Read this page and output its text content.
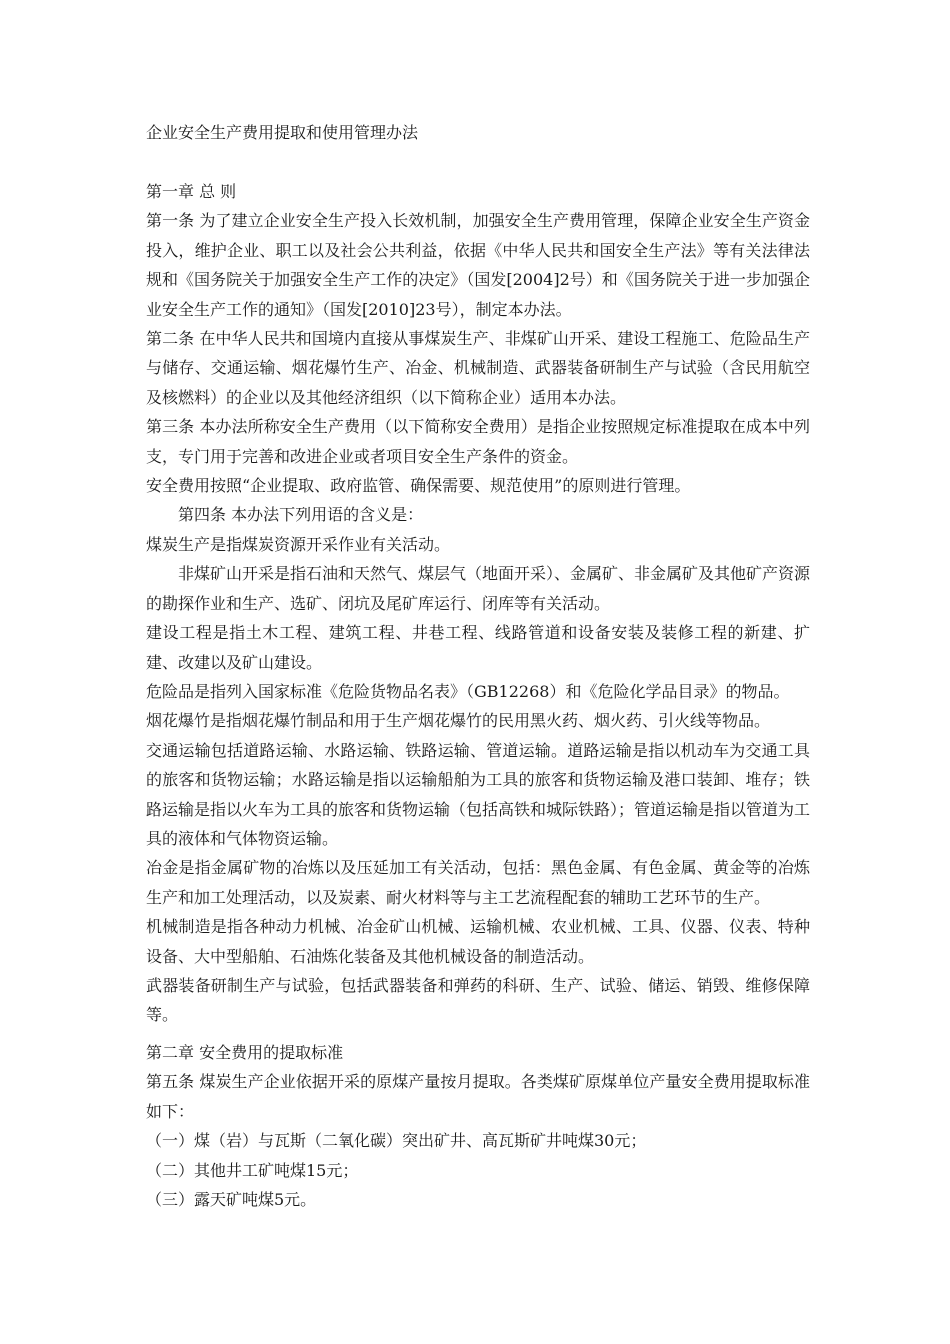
企业安全生产费用提取和使用管理办法

第一章 总 则

第一条 为了建立企业安全生产投入长效机制，加强安全生产费用管理，保障企业安全生产资金投入，维护企业、职工以及社会公共利益，依据《中华人民共和国安全生产法》等有关法律法规和《国务院关于加强安全生产工作的决定》（国发[2004]2号）和《国务院关于进一步加强企业安全生产工作的通知》（国发[2010]23号），制定本办法。

第二条 在中华人民共和国境内直接从事煤炭生产、非煤矿山开采、建设工程施工、危险品生产与储存、交通运输、烟花爆竹生产、冶金、机械制造、武器装备研制生产与试验（含民用航空及核燃料）的企业以及其他经济组织（以下简称企业）适用本办法。

第三条 本办法所称安全生产费用（以下简称安全费用）是指企业按照规定标准提取在成本中列支，专门用于完善和改进企业或者项目安全生产条件的资金。

安全费用按照“企业提取、政府监管、确保需要、规范使用”的原则进行管理。

第四条 本办法下列用语的含义是：

煤炭生产是指煤炭资源开采作业有关活动。

非煤矿山开采是指石油和天然气、煤层气（地面开采）、金属矿、非金属矿及其他矿产资源的勘探作业和生产、选矿、闭坑及尾矿库运行、闭库等有关活动。

建设工程是指土木工程、建筑工程、井巷工程、线路管道和设备安装及装修工程的新建、扩建、改建以及矿山建设。

危险品是指列入国家标准《危险货物品名表》（GB12268）和《危险化学品目录》的物品。

烟花爆竹是指烟花爆竹制品和用于生产烟花爆竹的民用黑火药、烟火药、引火线等物品。

交通运输包括道路运输、水路运输、铁路运输、管道运输。道路运输是指以机动车为交通工具的旅客和货物运输；水路运输是指以运输船舶为工具的旅客和货物运输及港口装卸、堆存；铁路运输是指以火车为工具的旅客和货物运输（包括高铁和城际铁路）；管道运输是指以管道为工具的液体和气体物资运输。

冶金是指金属矿物的冶炼以及压延加工有关活动，包括：黑色金属、有色金属、黄金等的冶炼生产和加工处理活动，以及炭素、耐火材料等与主工艺流程配套的辅助工艺环节的生产。

机械制造是指各种动力机械、冶金矿山机械、运输机械、农业机械、工具、仪器、仪表、特种设备、大中型船舶、石油炼化装备及其他机械设备的制造活动。

武器装备研制生产与试验，包括武器装备和弹药的科研、生产、试验、储运、销毁、维修保障等。

第二章 安全费用的提取标准

第五条 煤炭生产企业依据开采的原煤产量按月提取。各类煤矿原煤单位产量安全费用提取标准如下：

（一）煤（岩）与瓦斯（二氧化碳）突出矿井、高瓦斯矿井吨煤30元；

（二）其他井工矿吨煤15元；

（三）露天矿吨煤5元。
